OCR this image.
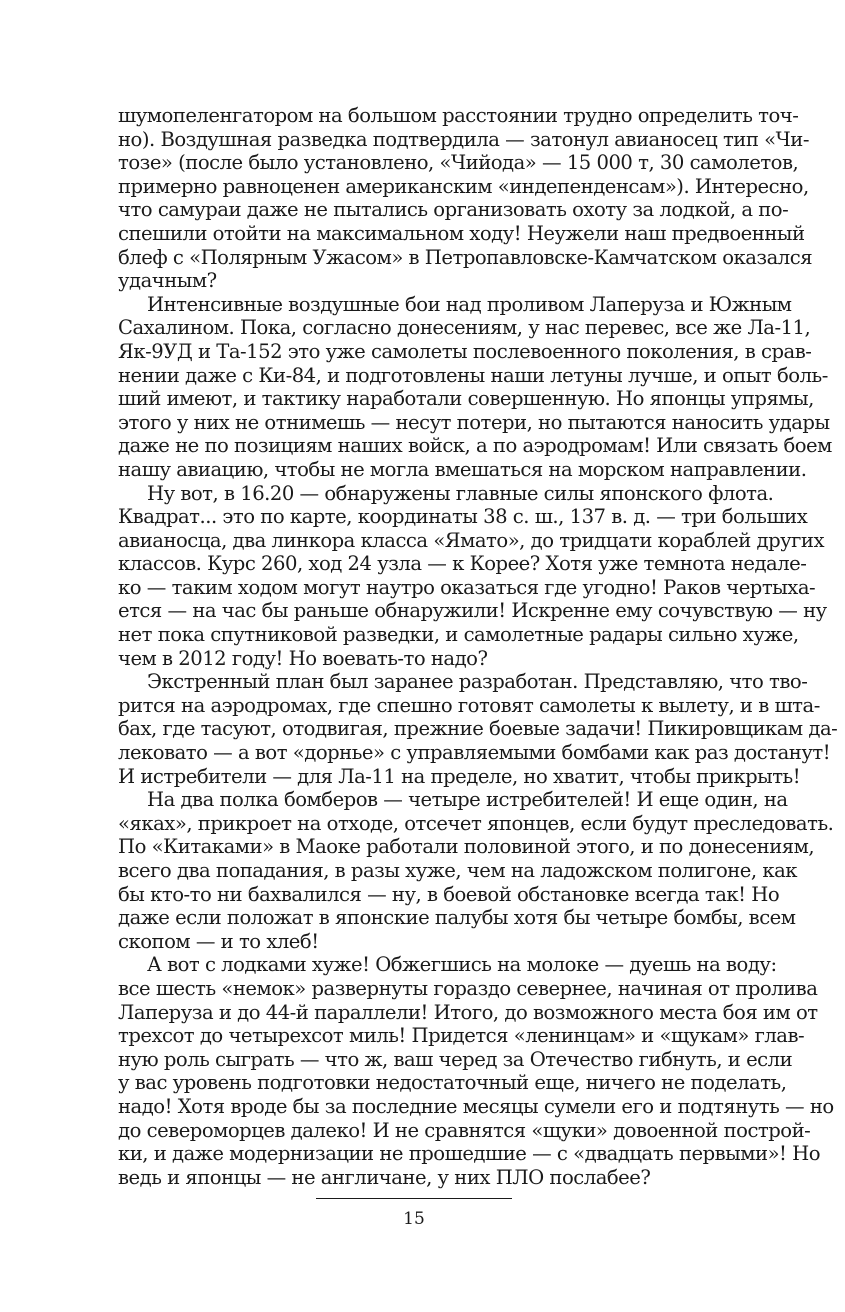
шумопеленгатором на большом расстоянии трудно определить точ-
но). Воздушная разведка подтвердила — затонул авианосец тип «Чи-
тозе» (после было установлено, «Чийода» — 15 000 т, 30 самолетов,
примерно равноценен американским «индепенденсам»). Интересно,
что самураи даже не пытались организовать охоту за лодкой, а по-
спешили отойти на максимальном ходу! Неужели наш предвоенный
блеф с «Полярным Ужасом» в Петропавловске-Камчатском оказался
удачным?
Интенсивные воздушные бои над проливом Лаперуза и Южным
Сахалином. Пока, согласно донесениям, у нас перевес, все же Ла-11,
Як-9УД и Та-152 это уже самолеты послевоенного поколения, в срав-
нении даже с Ки-84, и подготовлены наши летуны лучше, и опыт боль-
ший имеют, и тактику наработали совершенную. Но японцы упрямы,
этого у них не отнимешь — несут потери, но пытаются наносить удары
даже не по позициям наших войск, а по аэродромам! Или связать боем
нашу авиацию, чтобы не могла вмешаться на морском направлении.
Ну вот, в 16.20 — обнаружены главные силы японского флота.
Квадрат... это по карте, координаты 38 с. ш., 137 в. д. — три больших
авианосца, два линкора класса «Ямато», до тридцати кораблей других
классов. Курс 260, ход 24 узла — к Корее? Хотя уже темнота недале-
ко — таким ходом могут наутро оказаться где угодно! Раков чертыха-
ется — на час бы раньше обнаружили! Искренне ему сочувствую — ну
нет пока спутниковой разведки, и самолетные радары сильно хуже,
чем в 2012 году! Но воевать-то надо?
Экстренный план был заранее разработан. Представляю, что тво-
рится на аэродромах, где спешно готовят самолеты к вылету, и в шта-
бах, где тасуют, отодвигая, прежние боевые задачи! Пикировщикам да-
лековато — а вот «дорнье» с управляемыми бомбами как раз достанут!
И истребители — для Ла-11 на пределе, но хватит, чтобы прикрыть!
На два полка бомберов — четыре истребителей! И еще один, на
«яках», прикроет на отходе, отсечет японцев, если будут преследовать.
По «Китаками» в Маоке работали половиной этого, и по донесениям,
всего два попадания, в разы хуже, чем на ладожском полигоне, как
бы кто-то ни бахвалился — ну, в боевой обстановке всегда так! Но
даже если положат в японские палубы хотя бы четыре бомбы, всем
скопом — и то хлеб!
А вот с лодками хуже! Обжегшись на молоке — дуешь на воду:
все шесть «немок» развернуты гораздо севернее, начиная от пролива
Лаперуза и до 44-й параллели! Итого, до возможного места боя им от
трехсот до четырехсот миль! Придется «ленинцам» и «щукам» глав-
ную роль сыграть — что ж, ваш черед за Отечество гибнуть, и если
у вас уровень подготовки недостаточный еще, ничего не поделать,
надо! Хотя вроде бы за последние месяцы сумели его и подтянуть — но
до североморцев далеко! И не сравнятся «щуки» довоенной построй-
ки, и даже модернизации не прошедшие — с «двадцать первыми»! Но
ведь и японцы — не англичане, у них ПЛО послабее?
15
